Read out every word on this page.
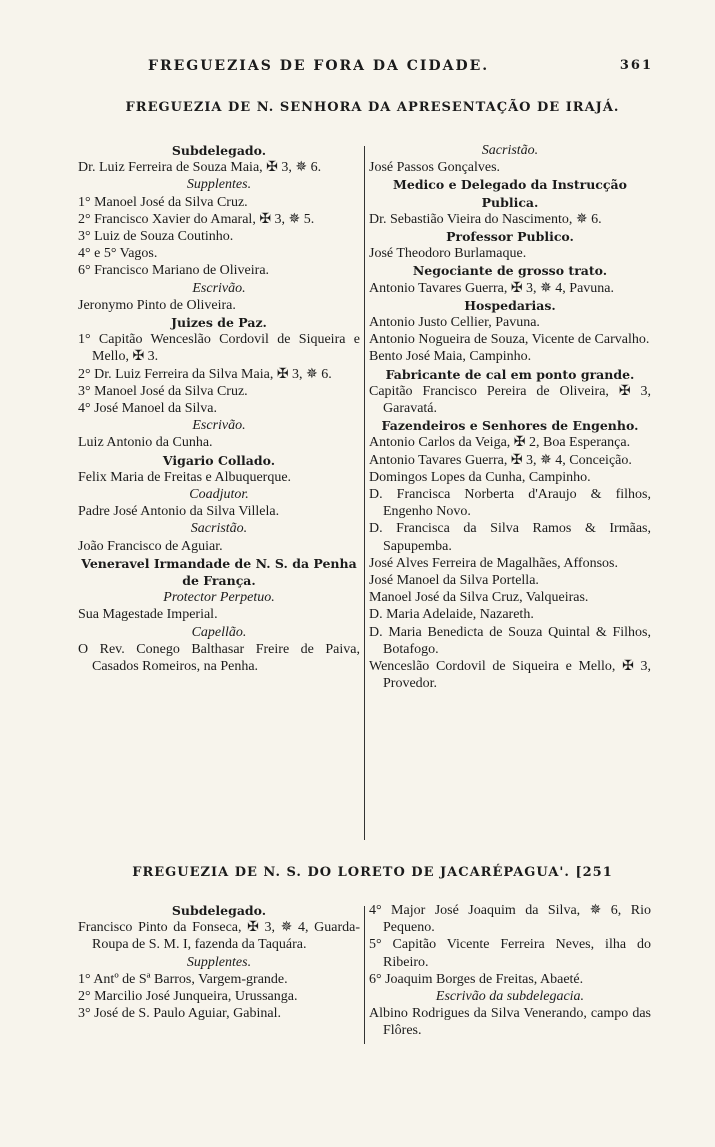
FREGUEZIAS DE FORA DA CIDADE.	361
FREGUEZIA DE N. SENHORA DA APRESENTAÇÃO DE IRAJÁ.
Subdelegado.
Dr. Luiz Ferreira de Souza Maia, ✠ 3, ✵ 6.
Supplentes.
1° Manoel José da Silva Cruz.
2° Francisco Xavier do Amaral, ✠ 3, ✵ 5.
3° Luiz de Souza Coutinho.
4° e 5° Vagos.
6° Francisco Mariano de Oliveira.
Escrivão.
Jeronymo Pinto de Oliveira.
Juizes de Paz.
1° Capitão Wenceslão Cordovil de Siqueira e Mello, ✠ 3.
2° Dr. Luiz Ferreira da Silva Maia, ✠ 3, ✵ 6.
3° Manoel José da Silva Cruz.
4° José Manoel da Silva.
Escrivão.
Luiz Antonio da Cunha.
Vigario Collado.
Felix Maria de Freitas e Albuquerque.
Coadjutor.
Padre José Antonio da Silva Villela.
Sacristão.
João Francisco de Aguiar.
Veneravel Irmandade de N. S. da Penha de França.
Protector Perpetuo.
Sua Magestade Imperial.
Capellão.
O Rev. Conego Balthasar Freire de Paiva, Casados Romeiros, na Penha.
Sacristão.
José Passos Gonçalves.
Medico e Delegado da Instrucção Publica.
Dr. Sebastião Vieira do Nascimento, ✵ 6.
Professor Publico.
José Theodoro Burlamaque.
Negociante de grosso trato.
Antonio Tavares Guerra, ✠ 3, ✵ 4, Pavuna.
Hospedarias.
Antonio Justo Cellier, Pavuna.
Antonio Nogueira de Souza, Vicente de Carvalho.
Bento José Maia, Campinho.
Fabricante de cal em ponto grande.
Capitão Francisco Pereira de Oliveira, ✠ 3, Garavatá.
Fazendeiros e Senhores de Engenho.
Antonio Carlos da Veiga, ✠ 2, Boa Esperança.
Antonio Tavares Guerra, ✠ 3, ✵ 4, Conceição.
Domingos Lopes da Cunha, Campinho.
D. Francisca Norberta d'Araujo & filhos, Engenho Novo.
D. Francisca da Silva Ramos & Irmãas, Sapupemba.
José Alves Ferreira de Magalhães, Affonsos.
José Manoel da Silva Portella.
Manoel José da Silva Cruz, Valqueiras.
D. Maria Adelaide, Nazareth.
D. Maria Benedicta de Souza Quintal & Filhos, Botafogo.
Wenceslão Cordovil de Siqueira e Mello, ✠ 3, Provedor.
FREGUEZIA DE N. S. DO LORETO DE JACARÉPAGUA'. [251
Subdelegado.
Francisco Pinto da Fonseca, ✠ 3, ✵ 4, Guarda-Roupa de S. M. I, fazenda da Taquára.
Supplentes.
1° Antº de Sª Barros, Vargem-grande.
2° Marcilio José Junqueira, Urussanga.
3° José de S. Paulo Aguiar, Gabinal.
4° Major José Joaquim da Silva, ✵ 6, Rio Pequeno.
5° Capitão Vicente Ferreira Neves, ilha do Ribeiro.
6° Joaquim Borges de Freitas, Abaeté.
Escrivão da subdelegacia.
Albino Rodrigues da Silva Venerando, campo das Flôres.
